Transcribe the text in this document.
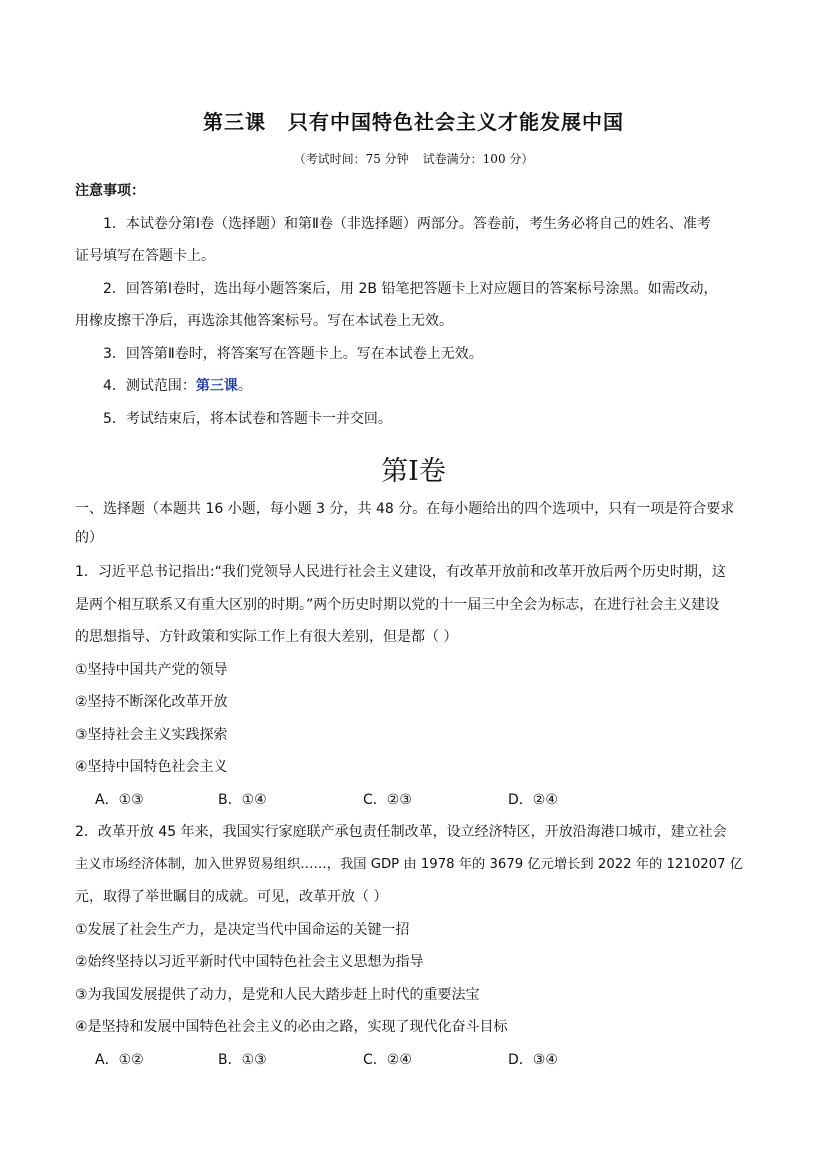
第三课 只有中国特色社会主义才能发展中国
（考试时间：75 分钟 试卷满分：100 分）
注意事项：
1．本试卷分第Ⅰ卷（选择题）和第Ⅱ卷（非选择题）两部分。答卷前，考生务必将自己的姓名、准考
证号填写在答题卡上。
2．回答第Ⅰ卷时，选出每小题答案后，用 2B 铅笔把答题卡上对应题目的答案标号涂黑。如需改动，
用橡皮擦干净后，再选涂其他答案标号。写在本试卷上无效。
3．回答第Ⅱ卷时，将答案写在答题卡上。写在本试卷上无效。
4．测试范围：第三课。
5．考试结束后，将本试卷和答题卡一并交回。
第Ⅰ卷
一、选择题（本题共 16 小题，每小题 3 分，共 48 分。在每小题给出的四个选项中，只有一项是符合要求
的）
1．习近平总书记指出:“我们党领导人民进行社会主义建设，有改革开放前和改革开放后两个历史时期，这
是两个相互联系又有重大区别的时期。”两个历史时期以党的十一届三中全会为标志，在进行社会主义建设
的思想指导、方针政策和实际工作上有很大差别，但是都（ ）
①坚持中国共产党的领导
②坚持不断深化改革开放
③坚持社会主义实践探索
④坚持中国特色社会主义
A．①③	B．①④	C．②③	D．②④
2．改革开放 45 年来，我国实行家庭联产承包责任制改革，设立经济特区，开放沿海港口城市，建立社会
主义市场经济体制，加入世界贸易组织……，我国 GDP 由 1978 年的 3679 亿元增长到 2022 年的 1210207 亿
元，取得了举世瞩目的成就。可见，改革开放（ ）
①发展了社会生产力，是决定当代中国命运的关键一招
②始终坚持以习近平新时代中国特色社会主义思想为指导
③为我国发展提供了动力，是党和人民大踏步赶上时代的重要法宝
④是坚持和发展中国特色社会主义的必由之路，实现了现代化奋斗目标
A．①②	B．①③	C．②④	D．③④
